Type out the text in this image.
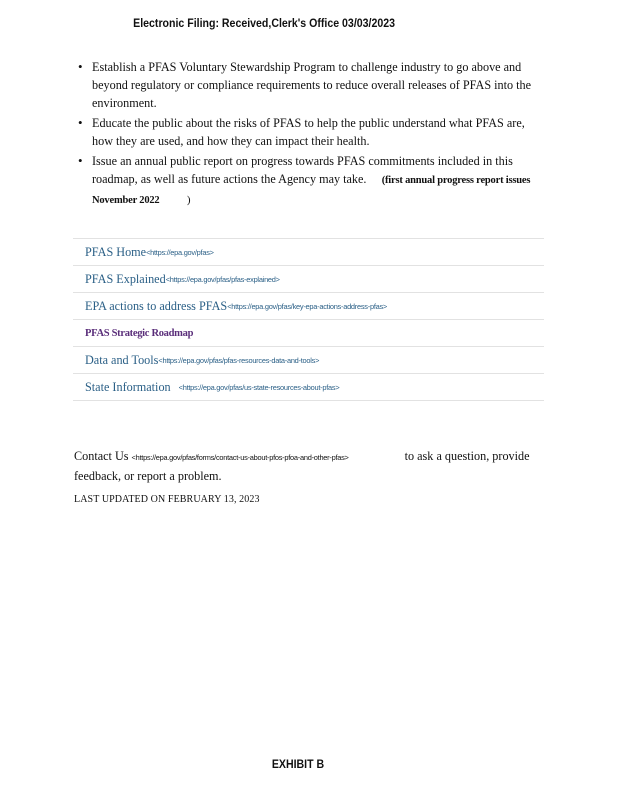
Electronic Filing: Received,Clerk's Office 03/03/2023
• Establish a PFAS Voluntary Stewardship Program to challenge industry to go above and beyond regulatory or compliance requirements to reduce overall releases of PFAS into the environment.
• Educate the public about the risks of PFAS to help the public understand what PFAS are, how they are used, and how they can impact their health.
• Issue an annual public report on progress towards PFAS commitments included in this roadmap, as well as future actions the Agency may take. (first annual progress report issues November 2022 )
PFAS Home <https://epa.gov/pfas>
PFAS Explained <https://epa.gov/pfas/pfas-explained>
EPA actions to address PFAS <https://epa.gov/pfas/key-epa-actions-address-pfas>
PFAS Strategic Roadmap
Data and Tools <https://epa.gov/pfas/pfas-resources-data-and-tools>
State Information
<https://epa.gov/pfas/us-state-resources-about-pfas>
Contact Us <https://epa.gov/pfas/forms/contact-us-about-pfos-pfoa-and-other-pfas>	to ask a question, provide feedback, or report a problem.
LAST UPDATED ON FEBRUARY 13, 2023
EXHIBIT B
